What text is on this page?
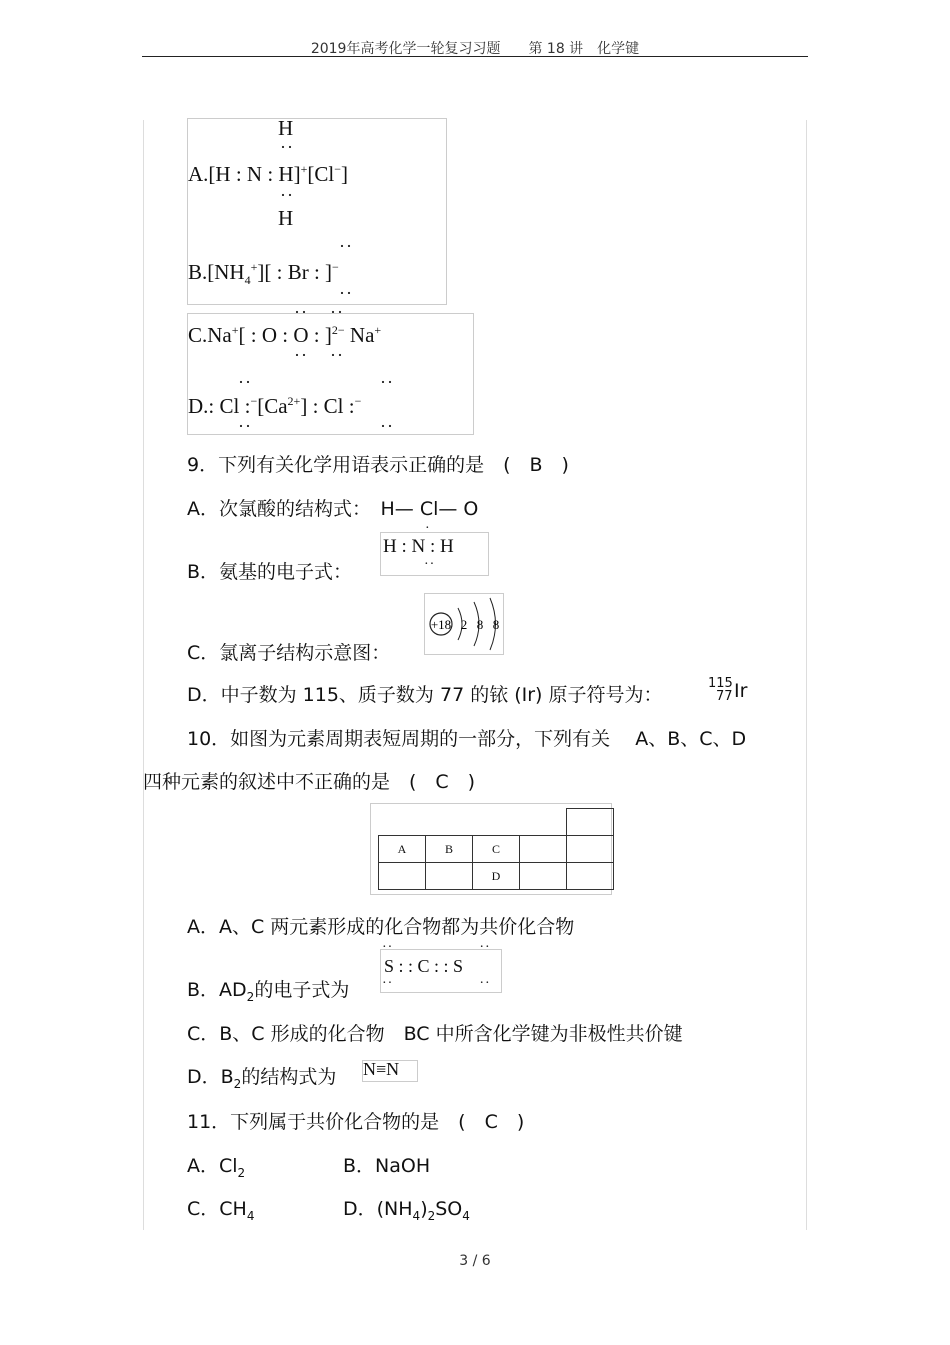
2019年高考化学一轮复习习题　　第 18 讲　化学键
H
··
A.[H : N : H]+[Cl−]
··
H
··
$B.[NH_4^+]$[ : Br : ]−
··
··    ··
C.Na+[ : O : O : ]$^{2-}$ Na+
··    ··
··	··
D.: Cl $:^-[Ca^{2+}]$ : Cl :−
··	··
9．下列有关化学用语表示正确的是　(　B　)
A．次氯酸的结构式：　H— Cl— O
B．氨基的电子式：
·
H : N : H
··
C．氯离子结构示意图：
+18 2 8 8
D．中子数为 115、质子数为 77 的铱 (Ir) 原子符号为：
115
77 Ir
10．如图为元素周期表短周期的一部分，下列有关　 A、B、C、D
四种元素的叙述中不正确的是　(　C　)

A	B	C		
		D		
A．A、C 两元素形成的化合物都为共价化合物
B．$AD_2$的电子式为
··	··
S : : C : : S
··	··
C．B、C 形成的化合物　BC 中所含化学键为非极性共价键
D．$B_2$的结构式为 N≡N
11．下列属于共价化合物的是　(　C　)
A．$Cl_2$	B．NaOH
C．$CH_4$	D．$(NH_4)_2SO_4$
3 / 6
